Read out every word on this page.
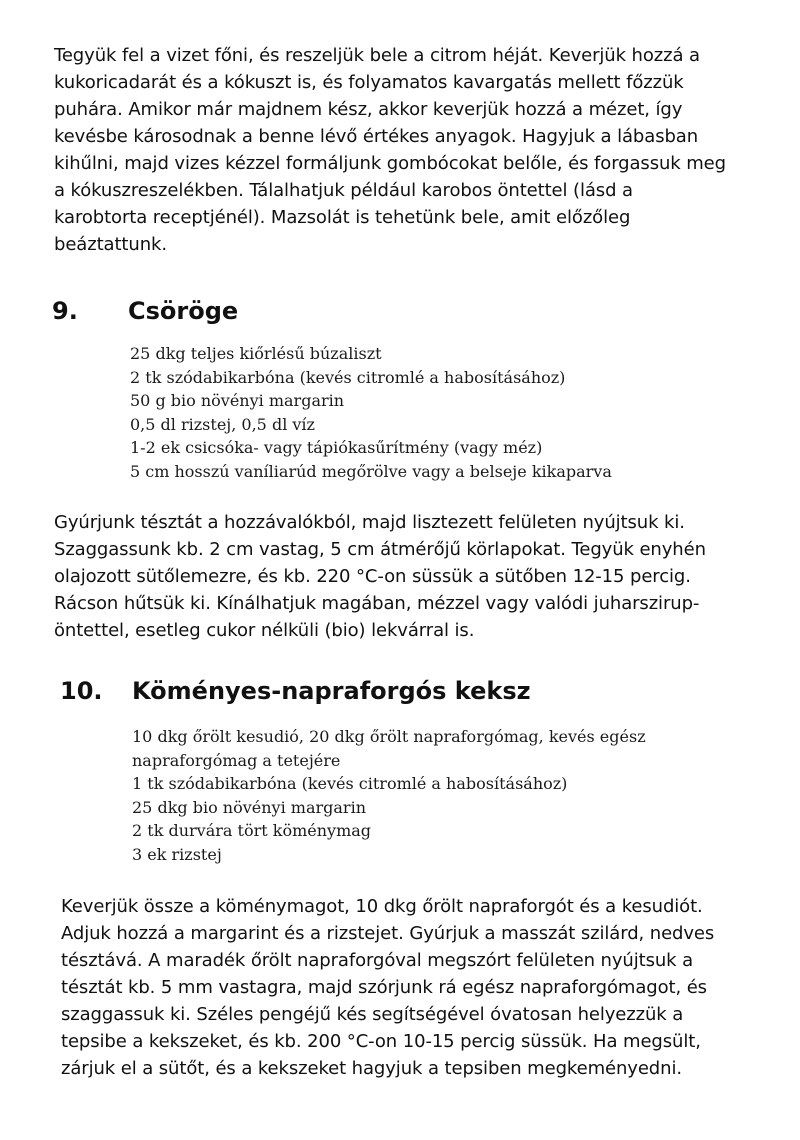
Tegyük fel a vizet főni, és reszeljük bele a citrom héját. Keverjük hozzá a
kukoricadarát és a kókuszt is, és folyamatos kavargatás mellett főzzük
puhára. Amikor már majdnem kész, akkor keverjük hozzá a mézet, így
kevésbe károsodnak a benne lévő értékes anyagok. Hagyjuk a lábasban
kihűlni, majd vizes kézzel formáljunk gombócokat belőle, és forgassuk meg
a kókuszreszelékben. Tálalhatjuk például karobos öntettel (lásd a
karobtorta receptjénél). Mazsolát is tehetünk bele, amit előzőleg
beáztattunk.
9. Csöröge
25 dkg teljes kiőrlésű búzaliszt
2 tk szódabikarbóna (kevés citromlé a habosításához)
50 g bio növényi margarin
0,5 dl rizstej, 0,5 dl víz
1-2 ek csicsóka- vagy tápiókasűrítmény (vagy méz)
5 cm hosszú vaníliarúd megőrölve vagy a belseje kikaparva
Gyúrjunk tésztát a hozzávalókból, majd lisztezett felületen nyújtsuk ki.
Szaggassunk kb. 2 cm vastag, 5 cm átmérőjű körlapokat. Tegyük enyhén
olajozott sütőlemezre, és kb. 220 °C-on süssük a sütőben 12-15 percig.
Rácson hűtsük ki. Kínálhatjuk magában, mézzel vagy valódi juharszirup-
öntettel, esetleg cukor nélküli (bio) lekvárral is.
10. Köményes-napraforgós keksz
10 dkg őrölt kesudió, 20 dkg őrölt napraforgómag, kevés egész
napraforgómag a tetejére
1 tk szódabikarbóna (kevés citromlé a habosításához)
25 dkg bio növényi margarin
2 tk durvára tört köménymag
3 ek rizstej
Keverjük össze a köménymagot, 10 dkg őrölt napraforgót és a kesudiót.
Adjuk hozzá a margarint és a rizstejet. Gyúrjuk a masszát szilárd, nedves
tésztává. A maradék őrölt napraforgóval megszórt felületen nyújtsuk a
tésztát kb. 5 mm vastagra, majd szórjunk rá egész napraforgómagot, és
szaggassuk ki. Széles pengéjű kés segítségével óvatosan helyezzük a
tepsibe a kekszeket, és kb. 200 °C-on 10-15 percig süssük. Ha megsült,
zárjuk el a sütőt, és a kekszeket hagyjuk a tepsiben megkeményedni.
